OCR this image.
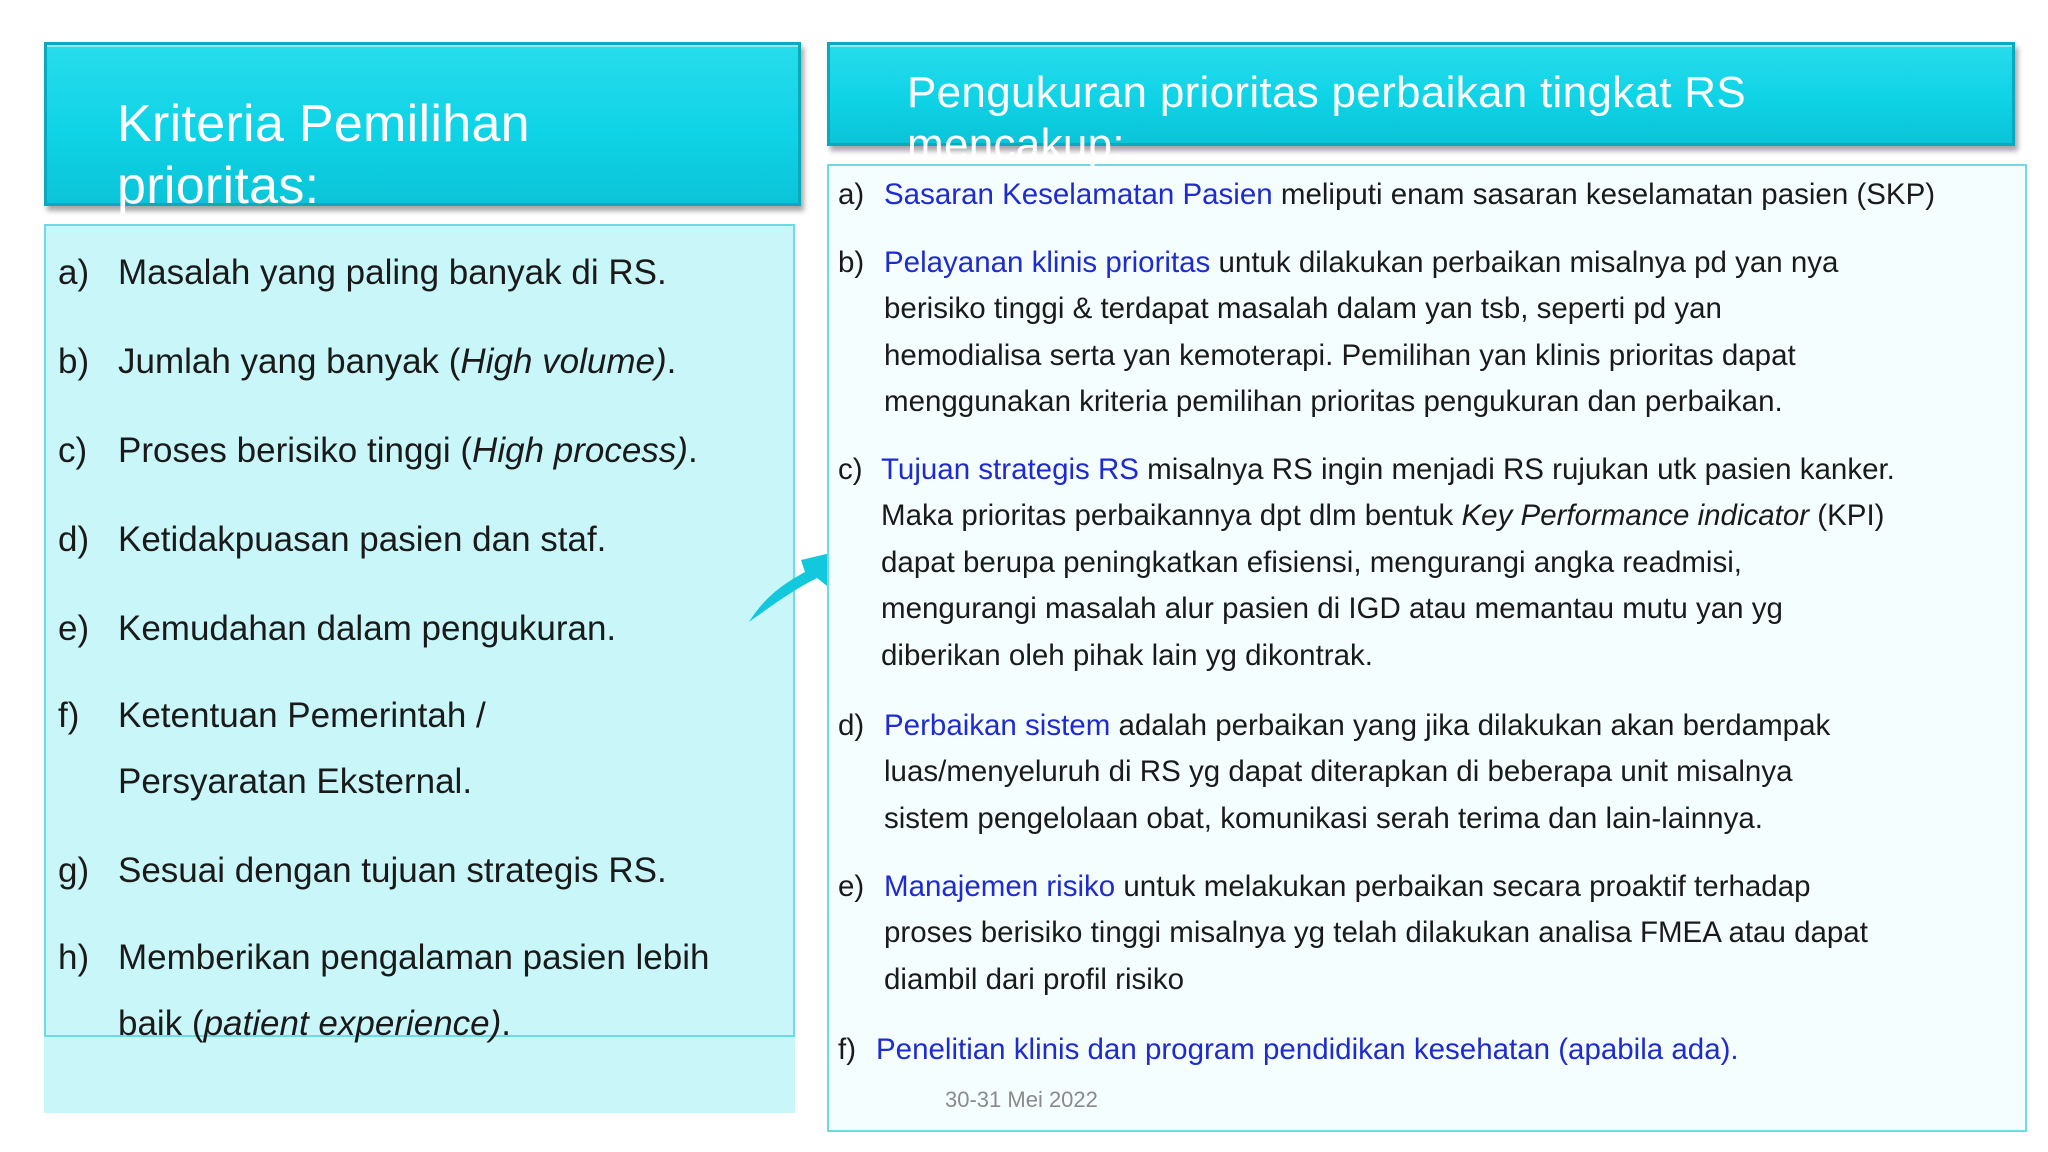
Kriteria Pemilihan
prioritas:
a) Masalah yang paling banyak di RS.
b) Jumlah yang banyak (High volume).
c) Proses berisiko tinggi (High process).
d) Ketidakpuasan pasien dan staf.
e) Kemudahan dalam pengukuran.
f)	Ketentuan Pemerintah /
Persyaratan Eksternal.
g) Sesuai dengan tujuan strategis RS.
h) Memberikan pengalaman pasien lebih
baik (patient experience).
Pengukuran prioritas perbaikan tingkat RS
mencakup:
a) Sasaran Keselamatan Pasien meliputi enam sasaran keselamatan pasien (SKP)
b) Pelayanan klinis prioritas untuk dilakukan perbaikan misalnya pd yan nya
berisiko tinggi & terdapat masalah dalam yan tsb, seperti pd yan
hemodialisa serta yan kemoterapi. Pemilihan yan klinis prioritas dapat
menggunakan kriteria pemilihan prioritas pengukuran dan perbaikan.
c) Tujuan strategis RS misalnya RS ingin menjadi RS rujukan utk pasien kanker.
Maka prioritas perbaikannya dpt dlm bentuk Key Performance indicator (KPI)
dapat berupa peningkatkan efisiensi, mengurangi angka readmisi,
mengurangi masalah alur pasien di IGD atau memantau mutu yan yg
diberikan oleh pihak lain yg dikontrak.
d) Perbaikan sistem adalah perbaikan yang jika dilakukan akan berdampak
luas/menyeluruh di RS yg dapat diterapkan di beberapa unit misalnya
sistem pengelolaan obat, komunikasi serah terima dan lain-lainnya.
e) Manajemen risiko untuk melakukan perbaikan secara proaktif terhadap
proses berisiko tinggi misalnya yg telah dilakukan analisa FMEA atau dapat
diambil dari profil risiko
f) Penelitian klinis dan program pendidikan kesehatan (apabila ada).
30-31 Mei 2022
